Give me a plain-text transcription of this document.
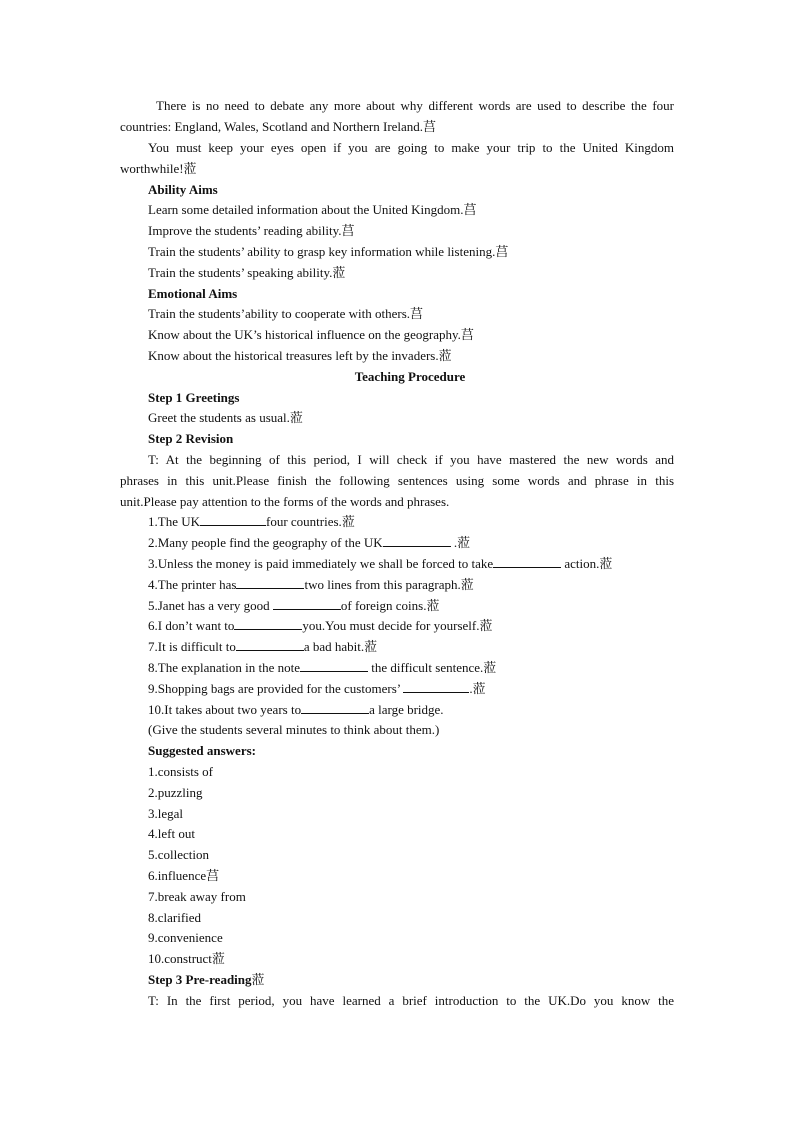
There is no need to debate any more about why different words are used to describe the four
countries: England, Wales, Scotland and Northern Ireland.莒
You must keep your eyes open if you are going to make your trip to the United Kingdom
worthwhile!蒞
Ability Aims
Learn some detailed information about the United Kingdom.莒
Improve the students’ reading ability.莒
Train the students’ ability to grasp key information while listening.莒
Train the students’ speaking ability.蒞
Emotional Aims
Train the students’ability to cooperate with others.莒
Know about the UK’s historical influence on the geography.莒
Know about the historical treasures left by the invaders.蒞
Teaching Procedure
Step 1 Greetings
Greet the students as usual.蒞
Step 2 Revision
T: At the beginning of this period, I will check if you have mastered the new words and
phrases in this unit.Please finish the following sentences using some words and phrase in this
unit.Please pay attention to the forms of the words and phrases.
1.The UK	four countries.蒞
2.Many people find the geography of the UK	.蒞
3.Unless the money is paid immediately we shall be forced to take	action.蒞
4.The printer has	two lines from this paragraph.蒞
5.Janet has a very good	of foreign coins.蒞
6.I don’t want to	you.You must decide for yourself.蒞
7.It is difficult to	a bad habit.蒞
8.The explanation in the note	the difficult sentence.蒞
9.Shopping bags are provided for the customers’	.蒞
10.It takes about two years to	a large bridge.
(Give the students several minutes to think about them.)
Suggested answers:
1.consists of
2.puzzling
3.legal
4.left out
5.collection
6.influence莒
7.break away from
8.clarified
9.convenience
10.construct蒞
Step 3 Pre-reading蒞
T: In the first period, you have learned a brief introduction to the UK.Do you know the
